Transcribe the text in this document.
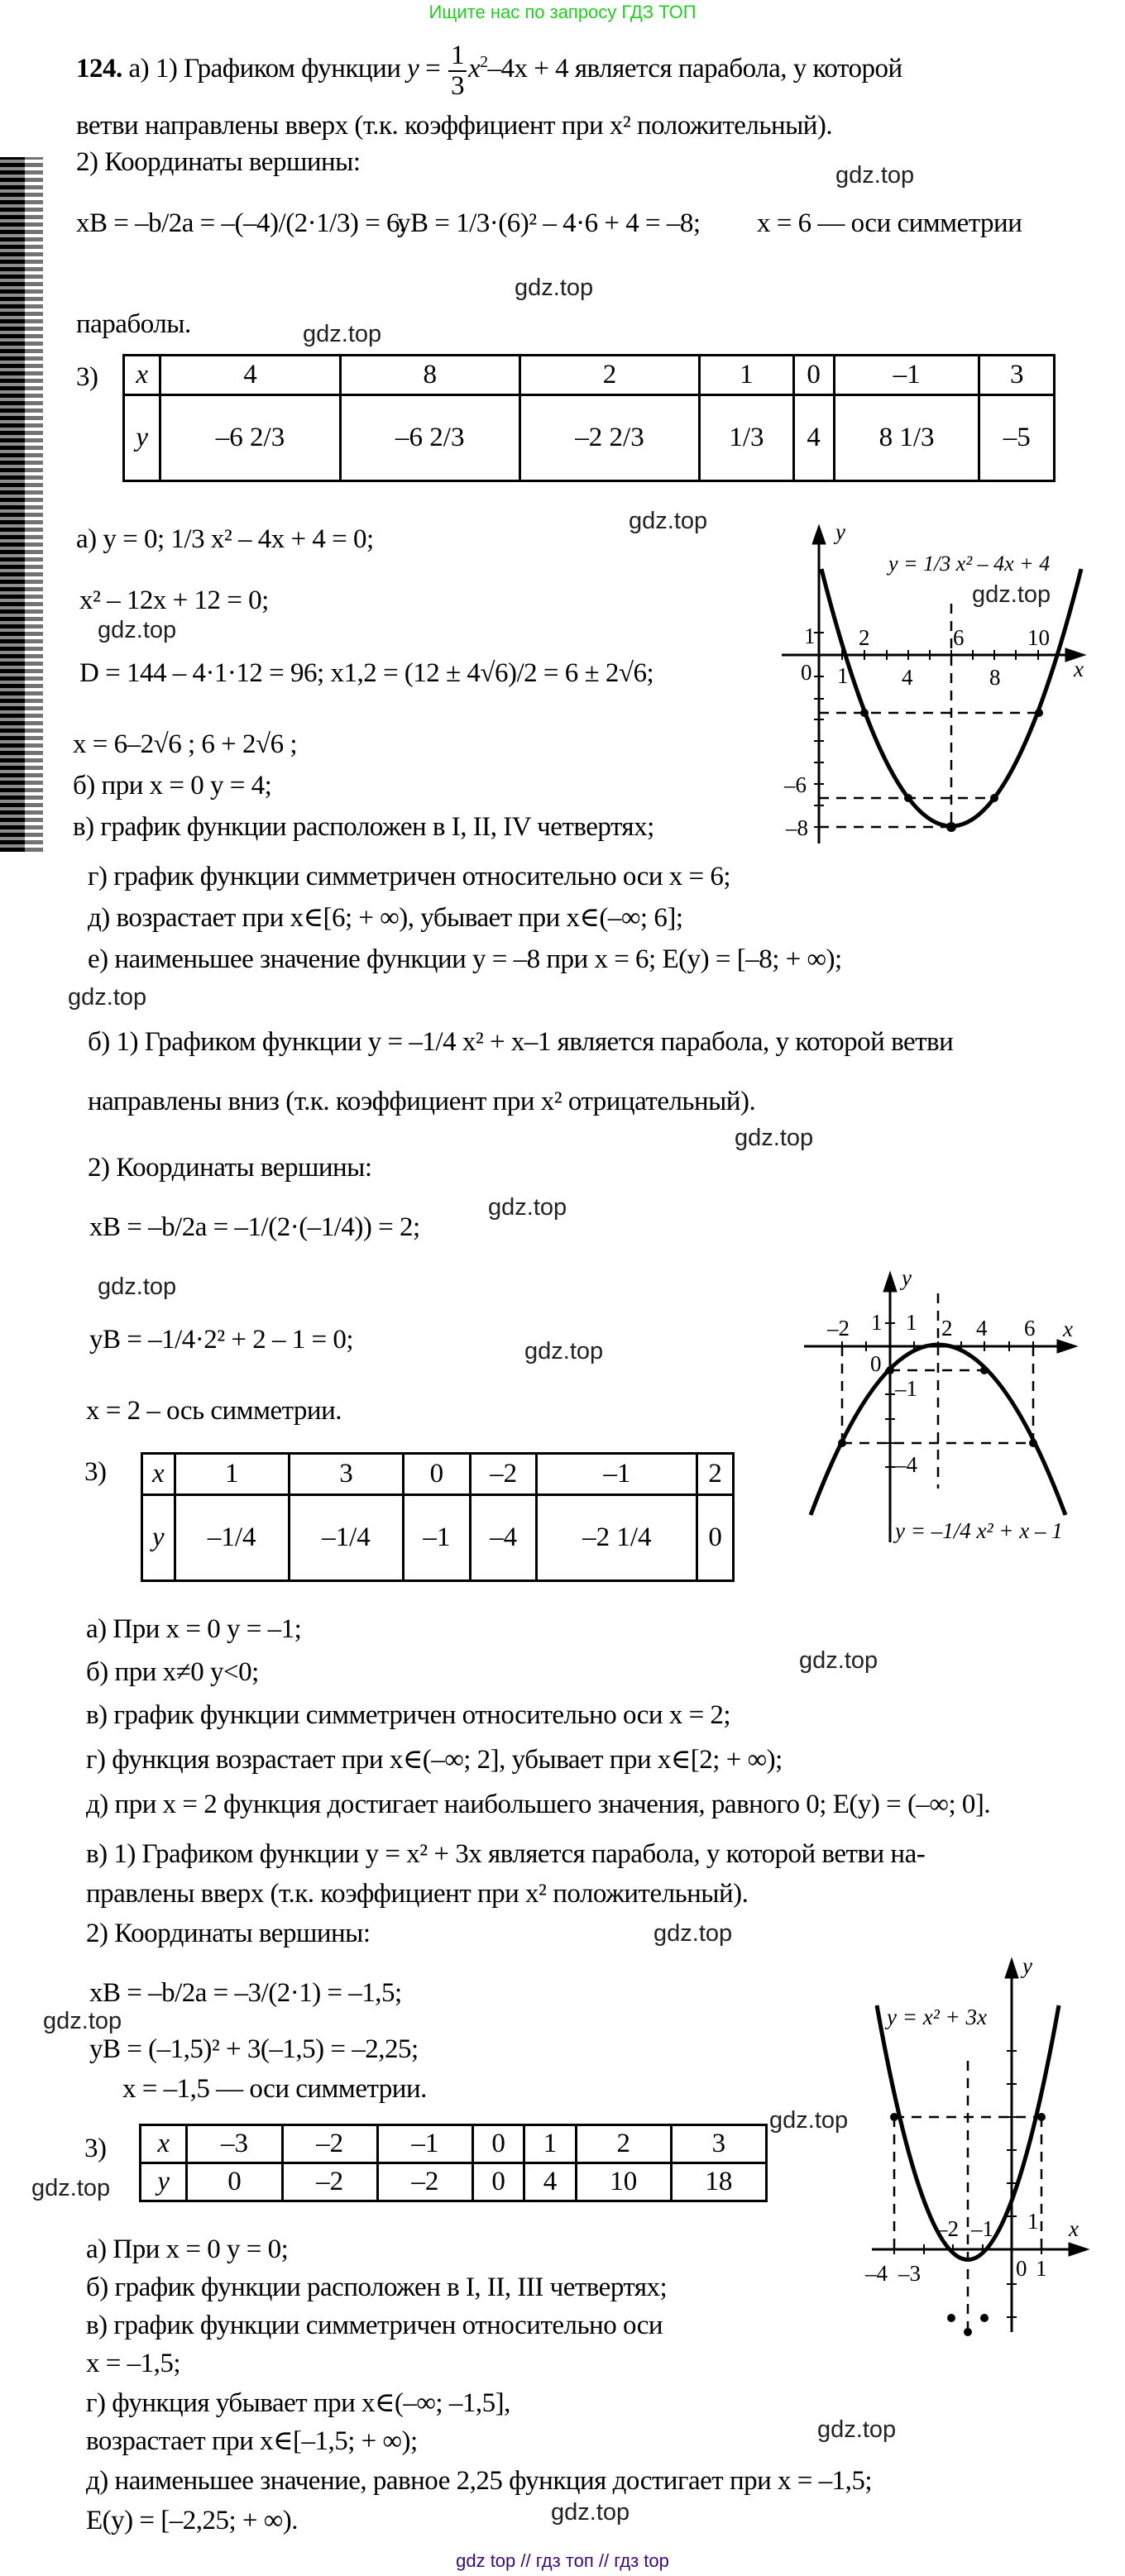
Ищите нас по запросу ГДЗ ТОП
124. а) 1) Графиком функции $y = \frac{1}{3} x^2-4x + 4$ является парабола, у которой
ветви направлены вверх (т.к. коэффициент при x² положительный).
2) Координаты вершины:	gdz.top
xB = –b/2a = –(–4)/(2·1/3) = 6,
yB = 1/3·(6)² – 4·6 + 4 = –8; x = 6 — оси симметрии
gdz.top
параболы.	gdz.top
3) x	4	8	2	1	0	–1	3
y	–6 2/3	–6 2/3	–2 2/3	1/3	4	8 1/3	–5
а) y = 0; 1/3 x² – 4x + 4 = 0;
gdz.top
x² – 12x + 12 = 0;
gdz.top
D = 144 – 4·1·12 = 96; x1,2 = (12 ± 4√6)/2 = 6 ± 2√6;
x = 6–2√6 ; 6 + 2√6 ;
б) при x = 0 y = 4;
в) график функции расположен в I, II, IV четвертях;
г) график функции симметричен относительно оси x = 6;
д) возрастает при x∈[6; + ∞), убывает при x∈(–∞; 6];
е) наименьшее значение функции y = –8 при x = 6; E(y) = [–8; + ∞);
gdz.top
y
x
y = 1/3 x² – 4x + 4
1
0 1
2
4
6
8
10
–6
–8
gdz.top
б) 1) Графиком функции y = –1/4 x² + x–1 является парабола, у которой ветви
направлены вниз (т.к. коэффициент при x² отрицательный).
gdz.top
2) Координаты вершины:
gdz.top
xB = –b/2a = –1/(2·(–1/4)) = 2;
gdz.top
yB = –1/4·2² + 2 – 1 = 0;	gdz.top
x = 2 – ось симметрии.
3) x	1	3	0	–2	–1	2
y	–1/4	–1/4	–1	–4	–2 1/4	0
y
x
–2 1 1 2 4 6
0
–1
–4
y = –1/4 x² + x – 1
а) При x = 0 y = –1;
gdz.top
б) при x≠0 y<0;
в) график функции симметричен относительно оси x = 2;
г) функция возрастает при x∈(–∞; 2], убывает при x∈[2; + ∞);
д) при x = 2 функция достигает наибольшего значения, равного 0; E(y) = (–∞; 0].
в) 1) Графиком функции y = x² + 3x является парабола, у которой ветви на-
правлены вверх (т.к. коэффициент при x² положительный).
2) Координаты вершины:	gdz.top
xB = –b/2a = –3/(2·1) = –1,5;
gdz.top
yB = (–1,5)² + 3(–1,5) = –2,25;
x = –1,5 — оси симметрии.
gdz.top
3) x	–3	–2	–1	0	1	2	3
y	0	–2	–2	0	4	10	18
gdz.top
y
x
y = x² + 3x
–4 –3
–2 –1
0 1
1
а) При x = 0 y = 0;
б) график функции расположен в I, II, III четвертях;
в) график функции симметричен относительно оси
x = –1,5;
г) функция убывает при x∈(–∞; –1,5],
возрастает при x∈[–1,5; + ∞);	gdz.top
д) наименьшее значение, равное 2,25 функция достигает при x = –1,5;
E(y) = [–2,25; + ∞).	gdz.top
gdz top // гдз топ // гдз top
